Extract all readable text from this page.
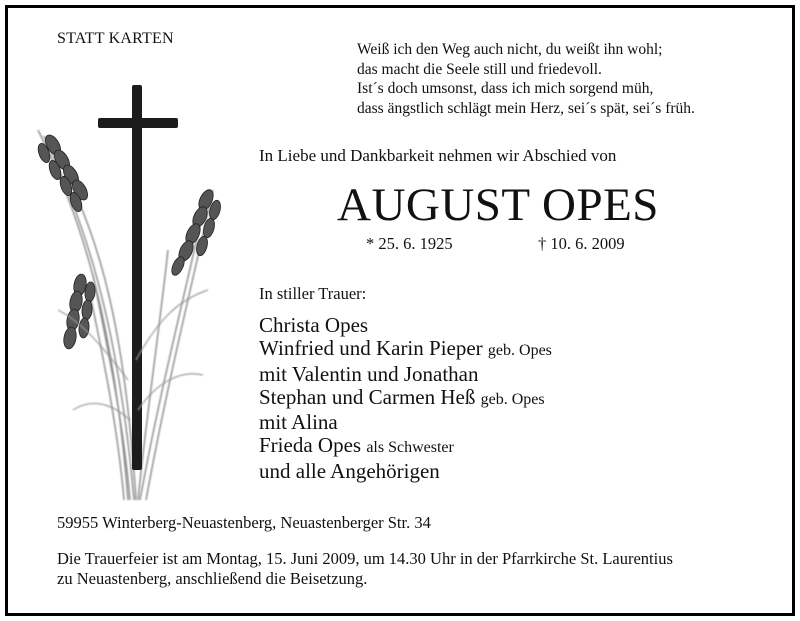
STATT KARTEN
Weiß ich den Weg auch nicht, du weißt ihn wohl;
das macht die Seele still und friedevoll.
Ist´s doch umsonst, dass ich mich sorgend müh,
dass ängstlich schlägt mein Herz, sei´s spät, sei´s früh.
In Liebe und Dankbarkeit nehmen wir Abschied von
AUGUST OPES
* 25. 6. 1925	† 10. 6. 2009
In stiller Trauer:
Christa Opes
Winfried und Karin Pieper geb. Opes
mit Valentin und Jonathan
Stephan und Carmen Heß geb. Opes
mit Alina
Frieda Opes als Schwester
und alle Angehörigen
59955 Winterberg-Neuastenberg, Neuastenberger Str. 34
Die Trauerfeier ist am Montag, 15. Juni 2009, um 14.30 Uhr in der Pfarrkirche St. Laurentius
zu Neuastenberg, anschließend die Beisetzung.
